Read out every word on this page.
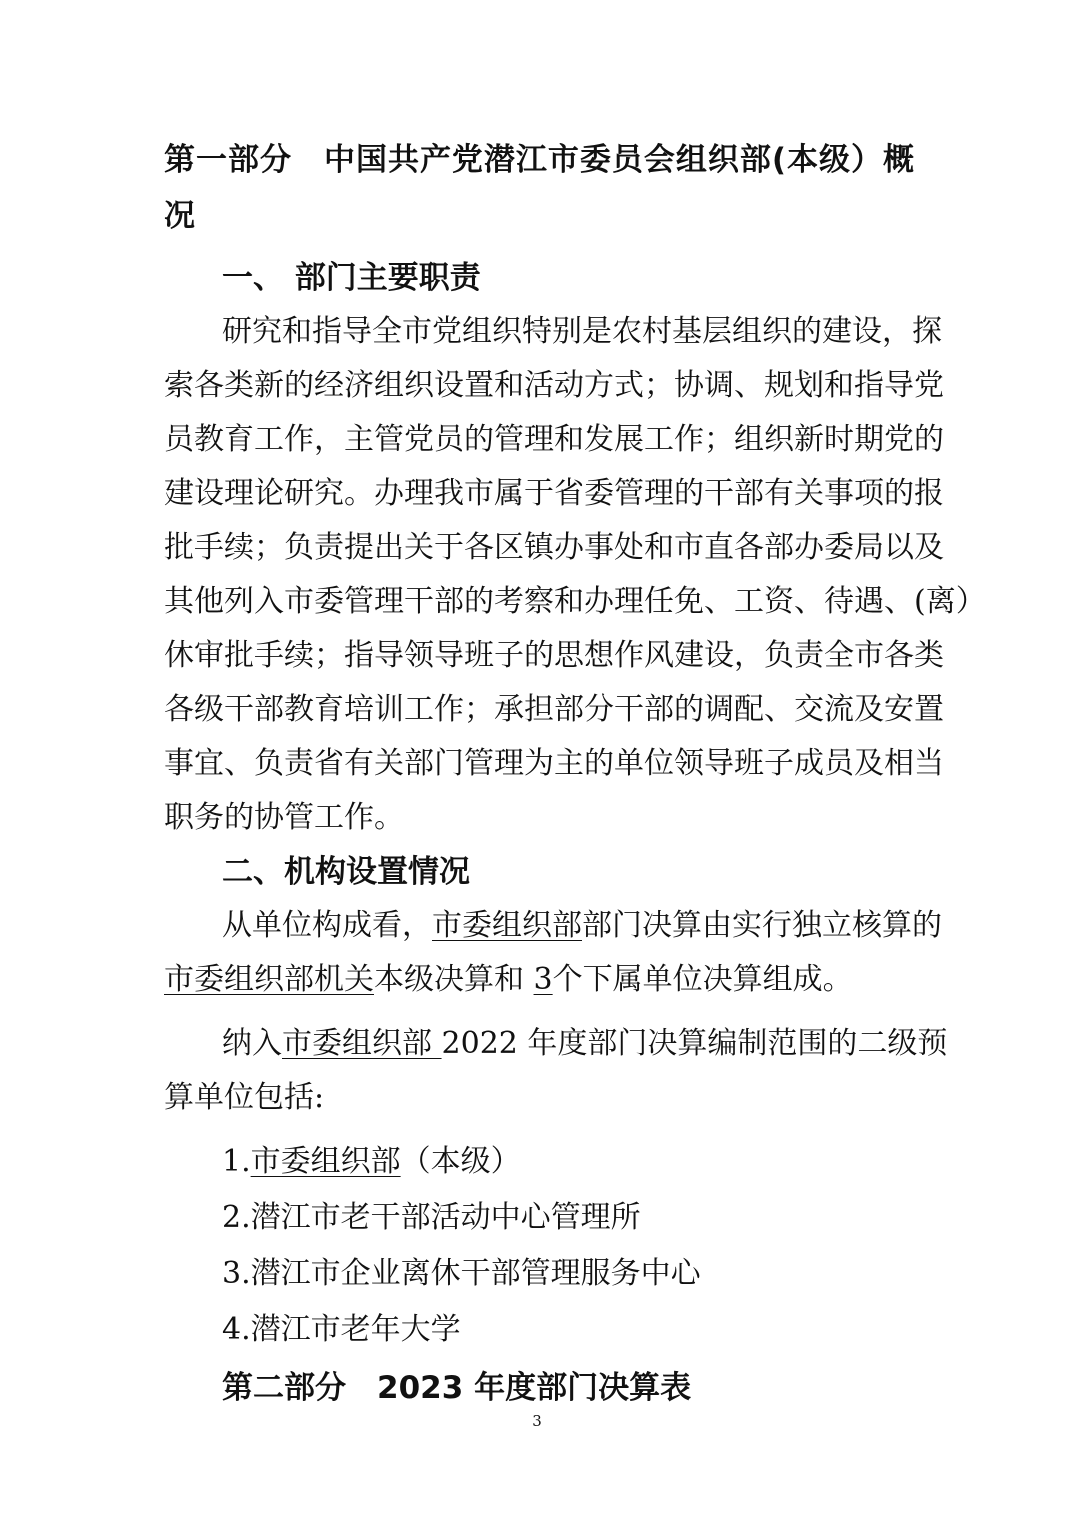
第一部分　中国共产党潜江市委员会组织部(本级）概
况
一、 部门主要职责
研究和指导全市党组织特别是农村基层组织的建设，探
索各类新的经济组织设置和活动方式；协调、规划和指导党
员教育工作，主管党员的管理和发展工作；组织新时期党的
建设理论研究。办理我市属于省委管理的干部有关事项的报
批手续；负责提出关于各区镇办事处和市直各部办委局以及
其他列入市委管理干部的考察和办理任免、工资、待遇、(离）
休审批手续；指导领导班子的思想作风建设，负责全市各类
各级干部教育培训工作；承担部分干部的调配、交流及安置
事宜、负责省有关部门管理为主的单位领导班子成员及相当
职务的协管工作。
二、机构设置情况
从单位构成看，市委组织部部门决算由实行独立核算的
市委组织部机关本级决算和 3个下属单位决算组成。
纳入市委组织部 2022 年度部门决算编制范围的二级预
算单位包括:
1.市委组织部（本级）
2.潜江市老干部活动中心管理所
3.潜江市企业离休干部管理服务中心
4.潜江市老年大学
第二部分　2023 年度部门决算表
3
